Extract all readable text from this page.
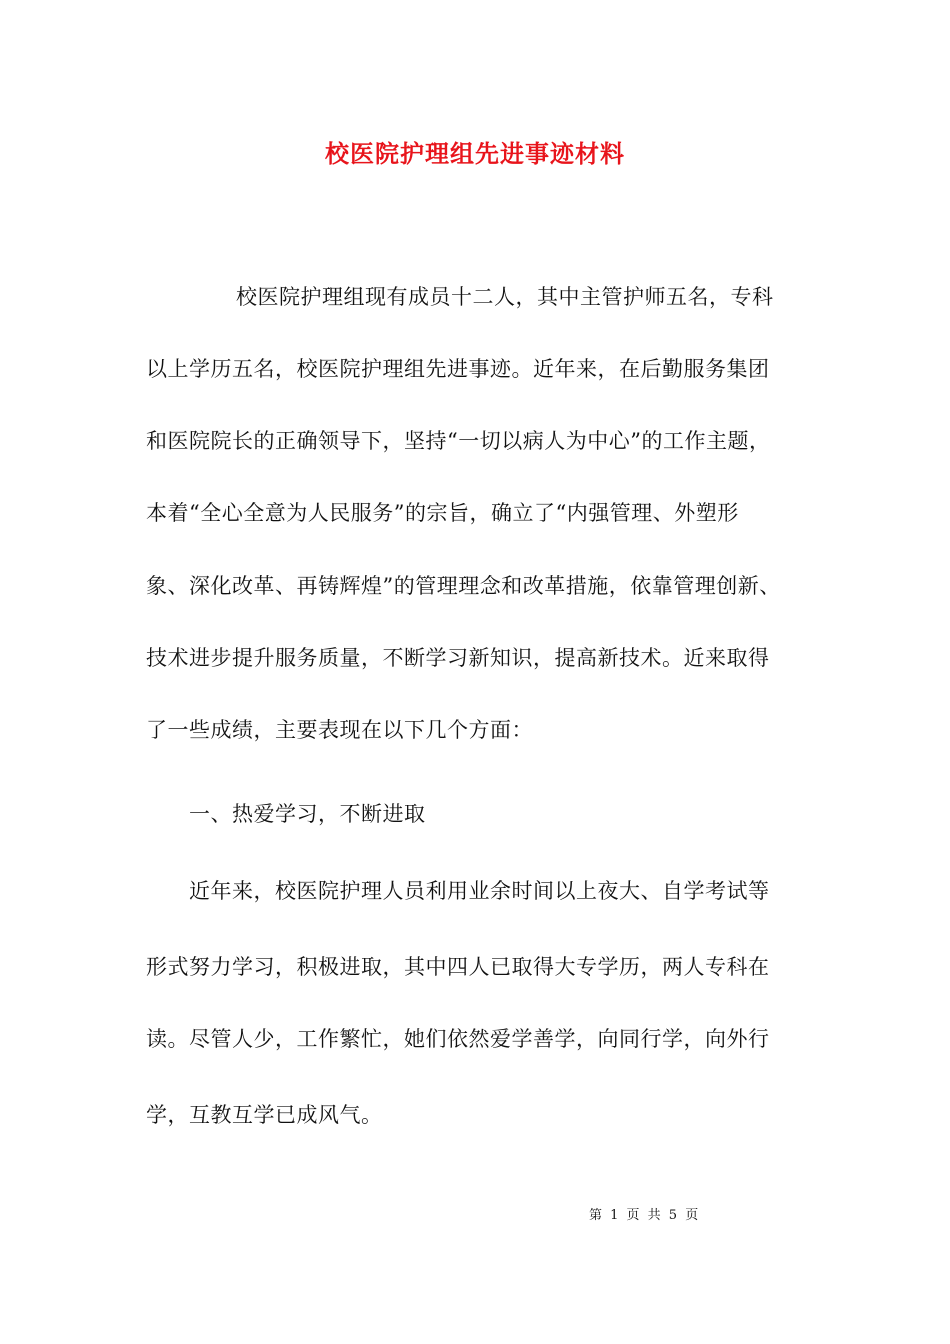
校医院护理组先进事迹材料
校医院护理组现有成员十二人，其中主管护师五名，专科
以上学历五名，校医院护理组先进事迹。近年来，在后勤服务集团
和医院院长的正确领导下，坚持“一切以病人为中心”的工作主题，
本着“全心全意为人民服务”的宗旨，确立了“内强管理、外塑形
象、深化改革、再铸辉煌”的管理理念和改革措施，依靠管理创新、
技术进步提升服务质量，不断学习新知识，提高新技术。近来取得
了一些成绩，主要表现在以下几个方面：
一、热爱学习，不断进取
近年来，校医院护理人员利用业余时间以上夜大、自学考试等
形式努力学习，积极进取，其中四人已取得大专学历，两人专科在
读。尽管人少，工作繁忙，她们依然爱学善学，向同行学，向外行
学，互教互学已成风气。
第 1 页 共 5 页
